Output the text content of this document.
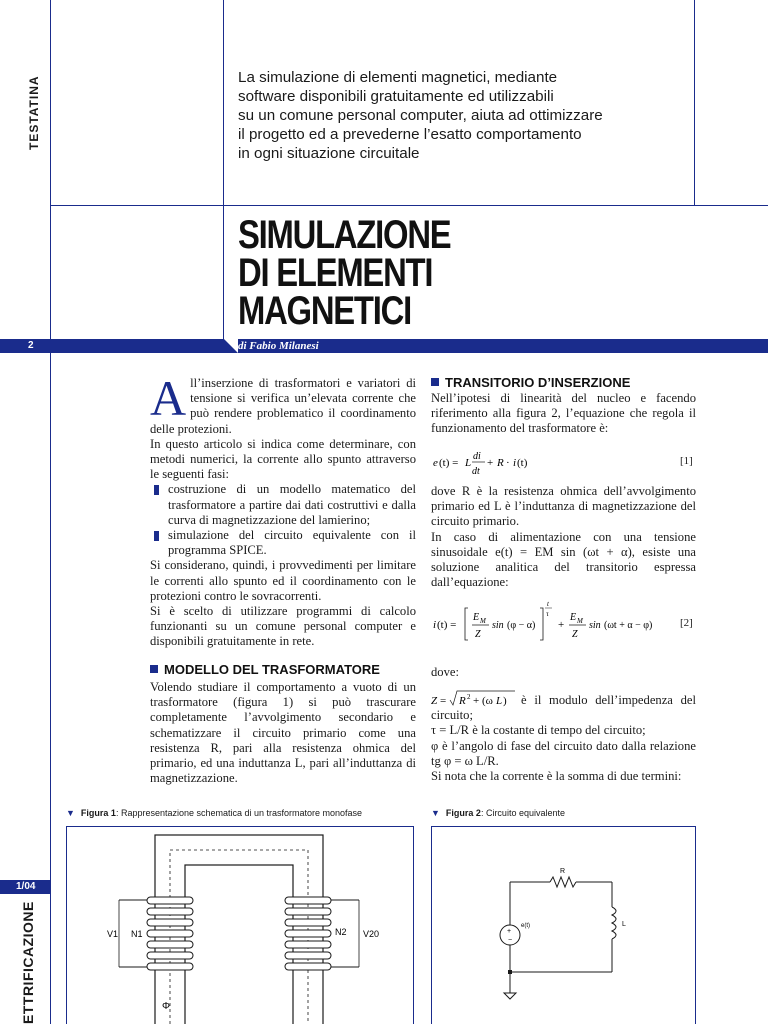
TESTATINA
ETTRIFICAZIONE
1/04
La simulazione di elementi magnetici, mediante
software disponibili gratuitamente ed utilizzabili
su un comune personal computer, aiuta ad ottimizzare
il progetto ed a prevederne l’esatto comportamento
in ogni situazione circuitale
SIMULAZIONE
DI ELEMENTI
MAGNETICI
2	di Fabio Milanesi

All’inserzione di trasformatori e variatori di tensione si verifica un’elevata corrente che può rendere problematico il coordinamento delle protezioni.

In questo articolo si indica come determinare, con metodi numerici, la corrente allo spunto attraverso le seguenti fasi:

costruzione di un modello matematico del trasformatore a partire dai dati costruttivi e dalla curva di magnetizzazione del lamierino;
simulazione del circuito equivalente con il programma SPICE.

Si considerano, quindi, i provvedimenti per limitare le correnti allo spunto ed il coordinamento con le protezioni contro le sovracorrenti.

Si è scelto di utilizzare programmi di calcolo funzionanti su un comune personal computer e disponibili gratuitamente in rete.

MODELLO DEL TRASFORMATORE

Volendo studiare il comportamento a vuoto di un trasformatore (figura 1) si può trascurare completamente l’avvolgimento secondario e schematizzare il circuito primario come una resistenza R, pari alla resistenza ohmica del primario, ed una induttanza L, pari all’induttanza di magnetizzazione.

TRANSITORIO D’INSERZIONE

Nell’ipotesi di linearità del nucleo e facendo riferimento alla figura 2, l’equazione che regola il funzionamento del trasformatore è:

e (t) = L
di
dt
+ R · i (t)	[1]

dove R è la resistenza ohmica dell’avvolgimento primario ed L è l’induttanza di magnetizzazione del circuito primario.

In caso di alimentazione con una tensione sinusoidale e(t) = EM sin (ωt + α), esiste una soluzione analitica del transitorio espressa dall’equazione:

i (t) =
E M
Z
sin (φ − α)
t
τ
+
E M
Z
sin (ωt + α − φ)	[2]
dove:
Z = R 2 + (ω L )	è il modulo dell’impedenza del circuito;

τ = L/R è la costante di tempo del circuito;

φ è l’angolo di fase del circuito dato dalla relazione tg φ = ω L/R.

Si nota che la corrente è la somma di due termini:

▼ Figura 1: Rappresentazione schematica di un trasformatore monofase
V1 N1	N2 V20
Φ
▼ Figura 2: Circuito equivalente
R
L
+
−
e(t)
